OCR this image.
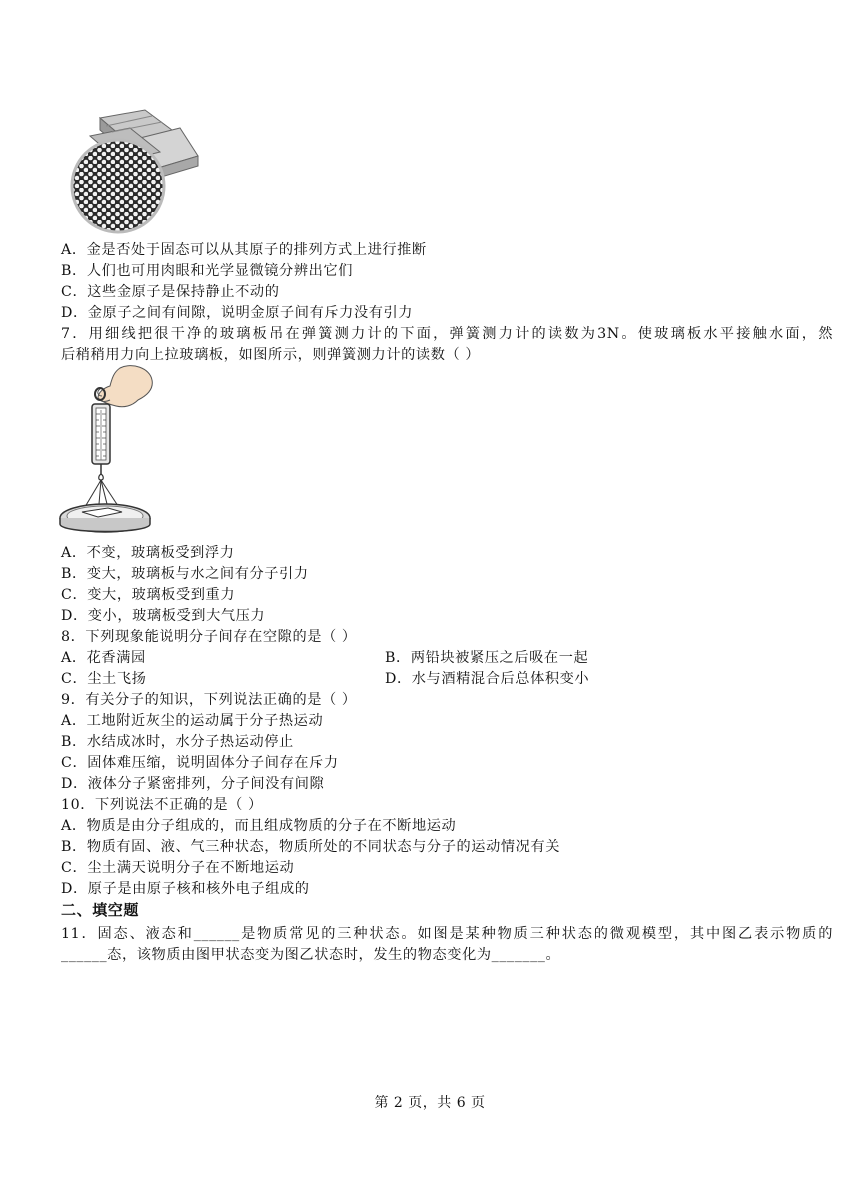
A．金是否处于固态可以从其原子的排列方式上进行推断
B．人们也可用肉眼和光学显微镜分辨出它们
C．这些金原子是保持静止不动的
D．金原子之间有间隙，说明金原子间有斥力没有引力
7．用细线把很干净的玻璃板吊在弹簧测力计的下面，弹簧测力计的读数为3N。使玻璃板水平接触水面，然
后稍稍用力向上拉玻璃板，如图所示，则弹簧测力计的读数（ ）
A．不变，玻璃板受到浮力
B．变大，玻璃板与水之间有分子引力
C．变大，玻璃板受到重力
D．变小，玻璃板受到大气压力
8．下列现象能说明分子间存在空隙的是（ ）
A．花香满园	B．两铅块被紧压之后吸在一起
C．尘土飞扬	D．水与酒精混合后总体积变小
9．有关分子的知识，下列说法正确的是（ ）
A．工地附近灰尘的运动属于分子热运动
B．水结成冰时，水分子热运动停止
C．固体难压缩，说明固体分子间存在斥力
D．液体分子紧密排列，分子间没有间隙
10．下列说法不正确的是（ ）
A．物质是由分子组成的，而且组成物质的分子在不断地运动
B．物质有固、液、气三种状态，物质所处的不同状态与分子的运动情况有关
C．尘土满天说明分子在不断地运动
D．原子是由原子核和核外电子组成的
二、填空题
11．固态、液态和______是物质常见的三种状态。如图是某种物质三种状态的微观模型，其中图乙表示物质的
______态，该物质由图甲状态变为图乙状态时，发生的物态变化为_______。
第 2 页，共 6 页
